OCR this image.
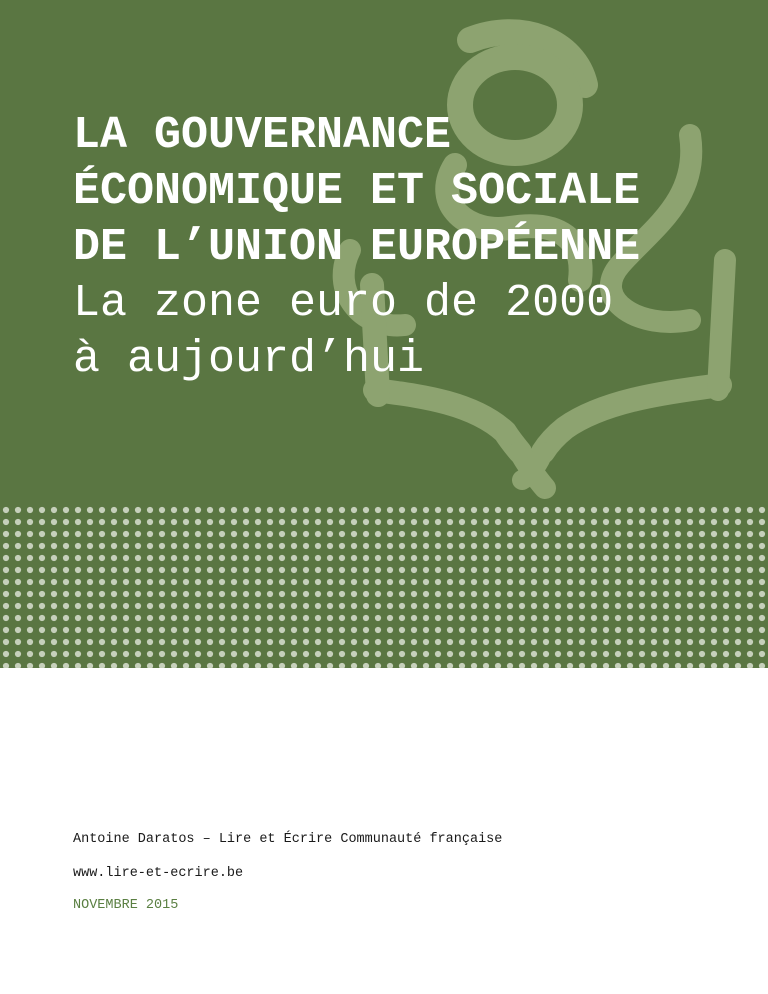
LA GOUVERNANCE
ÉCONOMIQUE ET SOCIALE
DE L’UNION EUROPÉENNE
La zone euro de 2000
à aujourd’hui
Antoine Daratos – Lire et Écrire Communauté française
www.lire-et-ecrire.be
NOVEMBRE 2015
